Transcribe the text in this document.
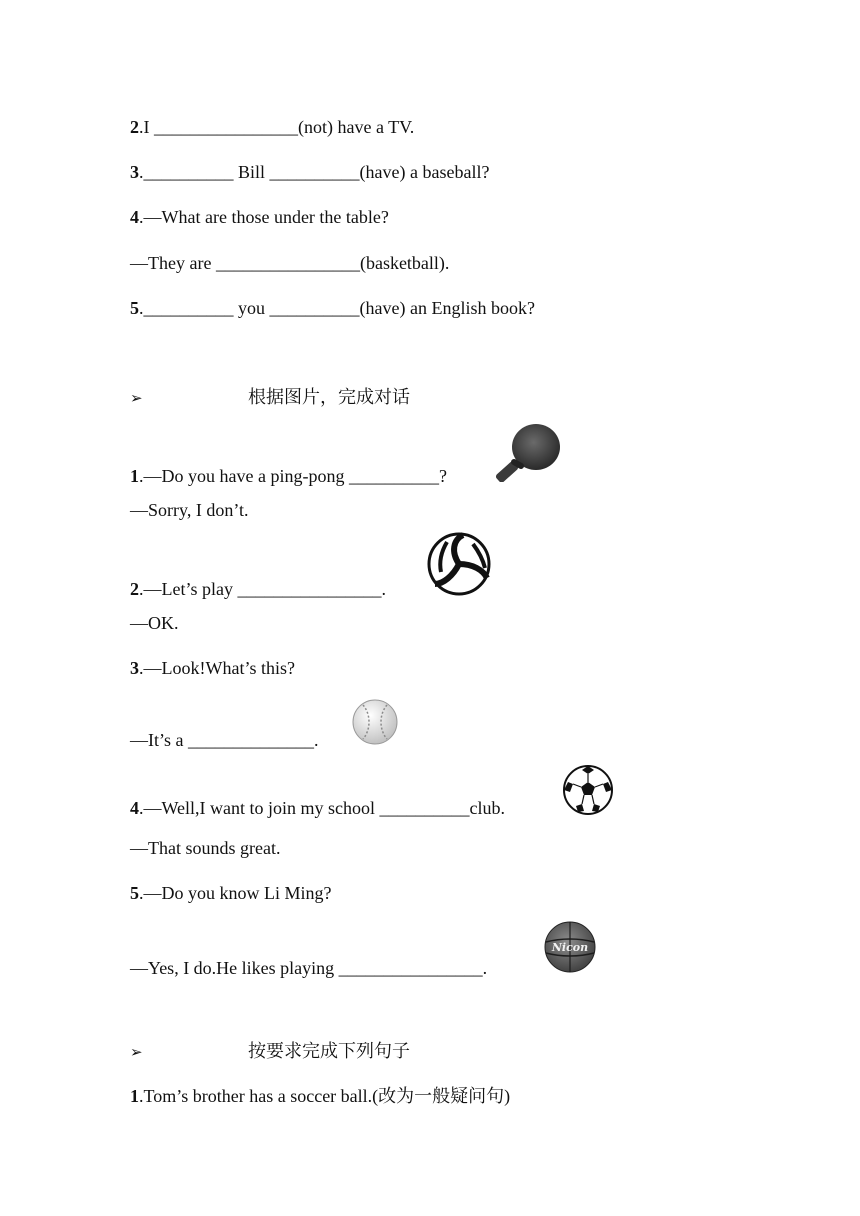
2.I ________________(not) have a TV.
3.__________ Bill __________(have) a baseball?
4.—What are those under the table?
—They are ________________(basketball).
5.__________ you __________(have) an English book?
➢	根据图片，完成对话
1.—Do you have a ping-pong __________?
—Sorry, I don’t.
2.—Let’s play ________________.
—OK.
3.—Look!What’s this?
—It’s a ______________.
4.—Well,I want to join my school __________club.
—That sounds great.
5.—Do you know Li Ming?
—Yes, I do.He likes playing ________________.
➢	按要求完成下列句子
1.Tom’s brother has a soccer ball.(改为一般疑问句)
Nicon
